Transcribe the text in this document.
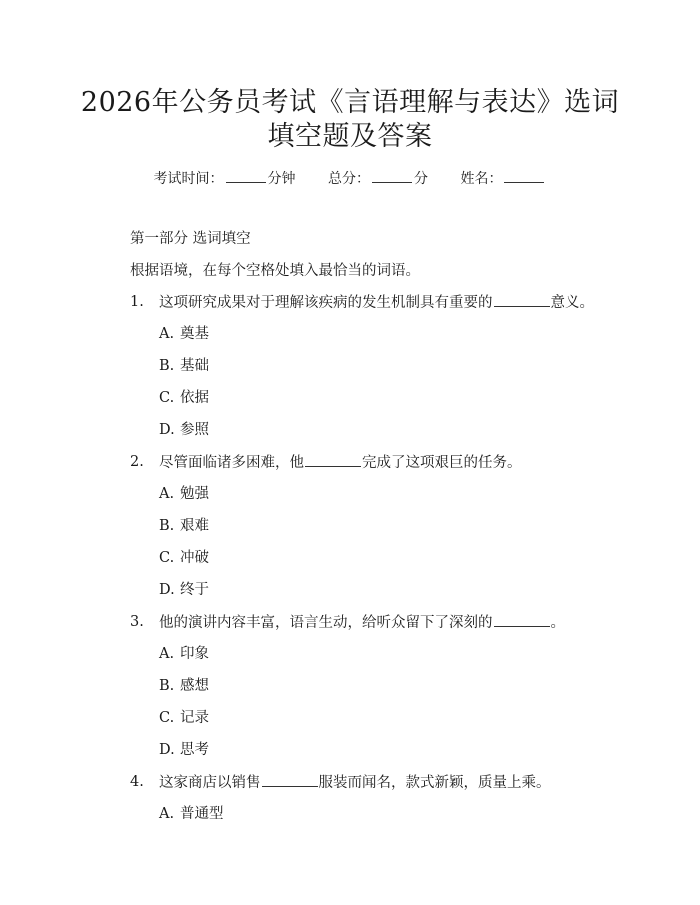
2026年公务员考试《言语理解与表达》选词
填空题及答案
考试时间：	分钟 总分：	分 姓名：
第一部分 选词填空
根据语境，在每个空格处填入最恰当的词语。
1. 这项研究成果对于理解该疾病的发生机制具有重要的	意义。
A. 奠基
B. 基础
C. 依据
D. 参照
2. 尽管面临诸多困难，他	完成了这项艰巨的任务。
A. 勉强
B. 艰难
C. 冲破
D. 终于
3. 他的演讲内容丰富，语言生动，给听众留下了深刻的	。
A. 印象
B. 感想
C. 记录
D. 思考
4. 这家商店以销售	服装而闻名，款式新颖，质量上乘。
A. 普通型
